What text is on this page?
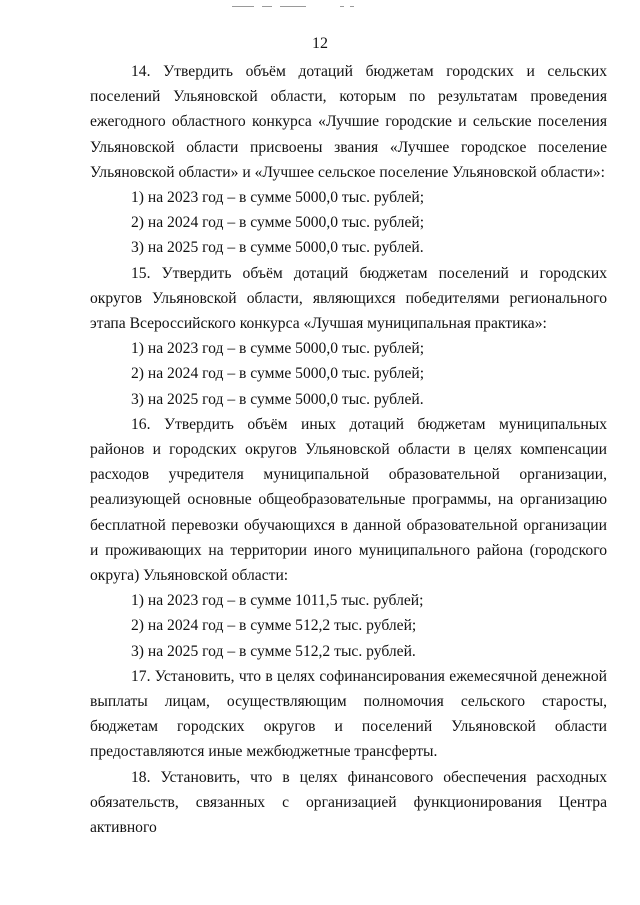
12

14. Утвердить объём дотаций бюджетам городских и сельских поселений Ульяновской области, которым по результатам проведения ежегодного областного конкурса «Лучшие городские и сельские поселения Ульяновской области присвоены звания «Лучшее городское поселение Ульяновской области» и «Лучшее сельское поселение Ульяновской области»:

1) на 2023 год – в сумме 5000,0 тыс. рублей;

2) на 2024 год – в сумме 5000,0 тыс. рублей;

3) на 2025 год – в сумме 5000,0 тыс. рублей.

15. Утвердить объём дотаций бюджетам поселений и городских округов Ульяновской области, являющихся победителями регионального этапа Всероссийского конкурса «Лучшая муниципальная практика»:

1) на 2023 год – в сумме 5000,0 тыс. рублей;

2) на 2024 год – в сумме 5000,0 тыс. рублей;

3) на 2025 год – в сумме 5000,0 тыс. рублей.

16. Утвердить объём иных дотаций бюджетам муниципальных районов и городских округов Ульяновской области в целях компенсации расходов учредителя муниципальной образовательной организации, реализующей основные общеобразовательные программы, на организацию бесплатной перевозки обучающихся в данной образовательной организации и проживающих на территории иного муниципального района (городского округа) Ульяновской области:

1) на 2023 год – в сумме 1011,5 тыс. рублей;

2) на 2024 год – в сумме 512,2 тыс. рублей;

3) на 2025 год – в сумме 512,2 тыс. рублей.

17. Установить, что в целях софинансирования ежемесячной денежной выплаты лицам, осуществляющим полномочия сельского старосты, бюджетам городских округов и поселений Ульяновской области предоставляются иные межбюджетные трансферты.

18. Установить, что в целях финансового обеспечения расходных обязательств, связанных с организацией функционирования Центра активного
